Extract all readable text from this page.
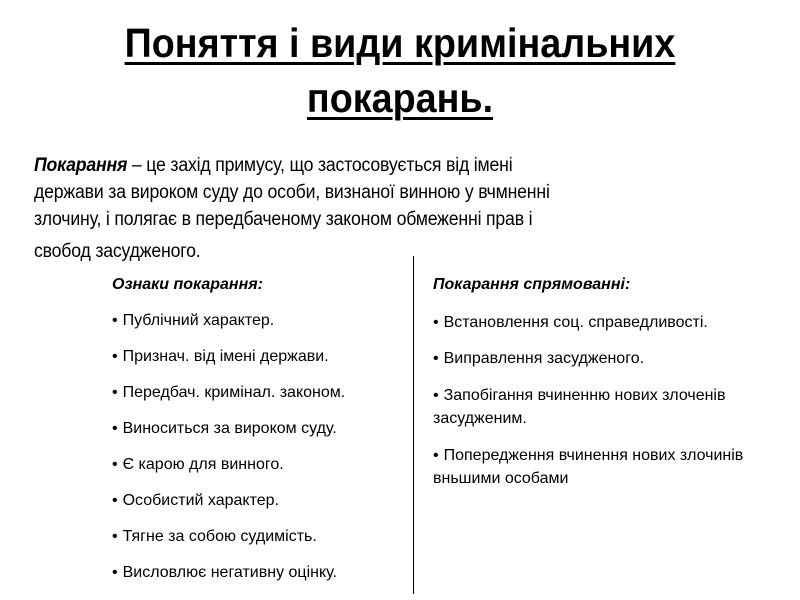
Поняття і види кримінальних
покарань.
Покарання – це захід примусу, що застосовується від імені
держави за вироком суду до особи, визнаної винною у вчмненні
злочину, і полягає в передбаченому законом обмеженні прав і
свобод засудженого.
Ознаки покарання:
• Публічний характер.
• Признач. від імені держави.
• Передбач. кримінал. законом.
• Виноситься за вироком суду.
• Є карою для винного.
• Особистий характер.
• Тягне за собою судимість.
• Висловлює негативну оцінку.
Покарання спрямованні:
• Встановлення соц. справедливості.
• Виправлення засудженого.
• Запобігання вчиненню нових злочeнів засудженим.
• Попередження вчинення нових злочинів вньшими особами
